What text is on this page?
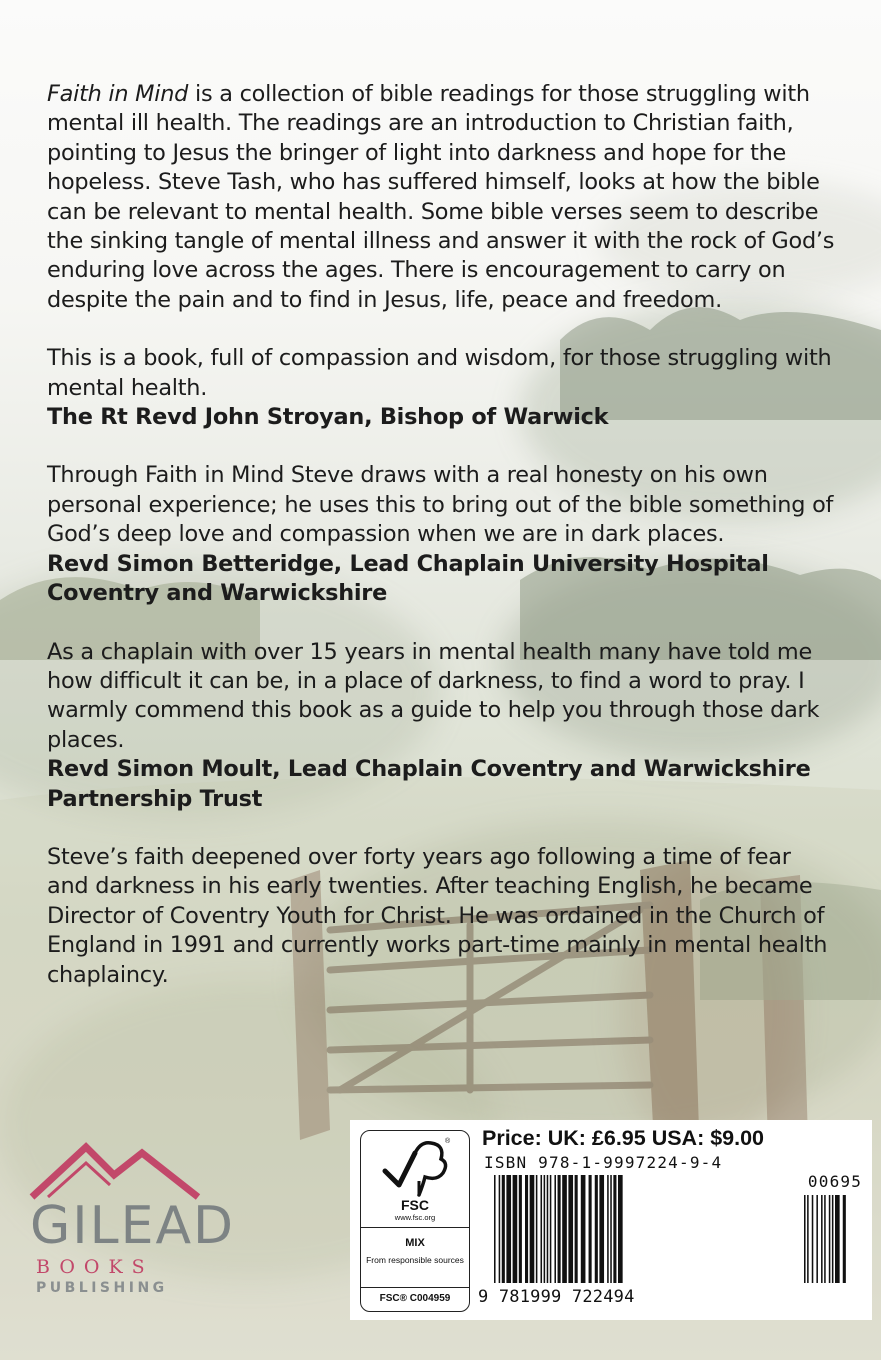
Faith in Mind is a collection of bible readings for those struggling with mental ill health. The readings are an introduction to Christian faith, pointing to Jesus the bringer of light into darkness and hope for the hopeless. Steve Tash, who has suffered himself, looks at how the bible can be relevant to mental health. Some bible verses seem to describe the sinking tangle of mental illness and answer it with the rock of God’s enduring love across the ages. There is encouragement to carry on despite the pain and to find in Jesus, life, peace and freedom.

This is a book, full of compassion and wisdom, for those struggling with mental health.

The Rt Revd John Stroyan, Bishop of Warwick

Through Faith in Mind Steve draws with a real honesty on his own personal experience; he uses this to bring out of the bible something of God’s deep love and compassion when we are in dark places.

Revd Simon Betteridge, Lead Chaplain University Hospital Coventry and Warwickshire

As a chaplain with over 15 years in mental health many have told me how difficult it can be, in a place of darkness, to find a word to pray. I warmly commend this book as a guide to help you through those dark places.

Revd Simon Moult, Lead Chaplain Coventry and Warwickshire Partnership Trust

Steve’s faith deepened over forty years ago following a time of fear and darkness in his early twenties. After teaching English, he became Director of Coventry Youth for Christ. He was ordained in the Church of England in 1991 and currently works part-time mainly in mental health chaplaincy.

GILEAD
BOOKS
PUBLISHING
®
FSC
www.fsc.org
MIX
From responsible sources
FSC® C004959
Price: UK: £6.95 USA: $9.00
ISBN 978-1-9997224-9-4
00695
9 781999 722494
